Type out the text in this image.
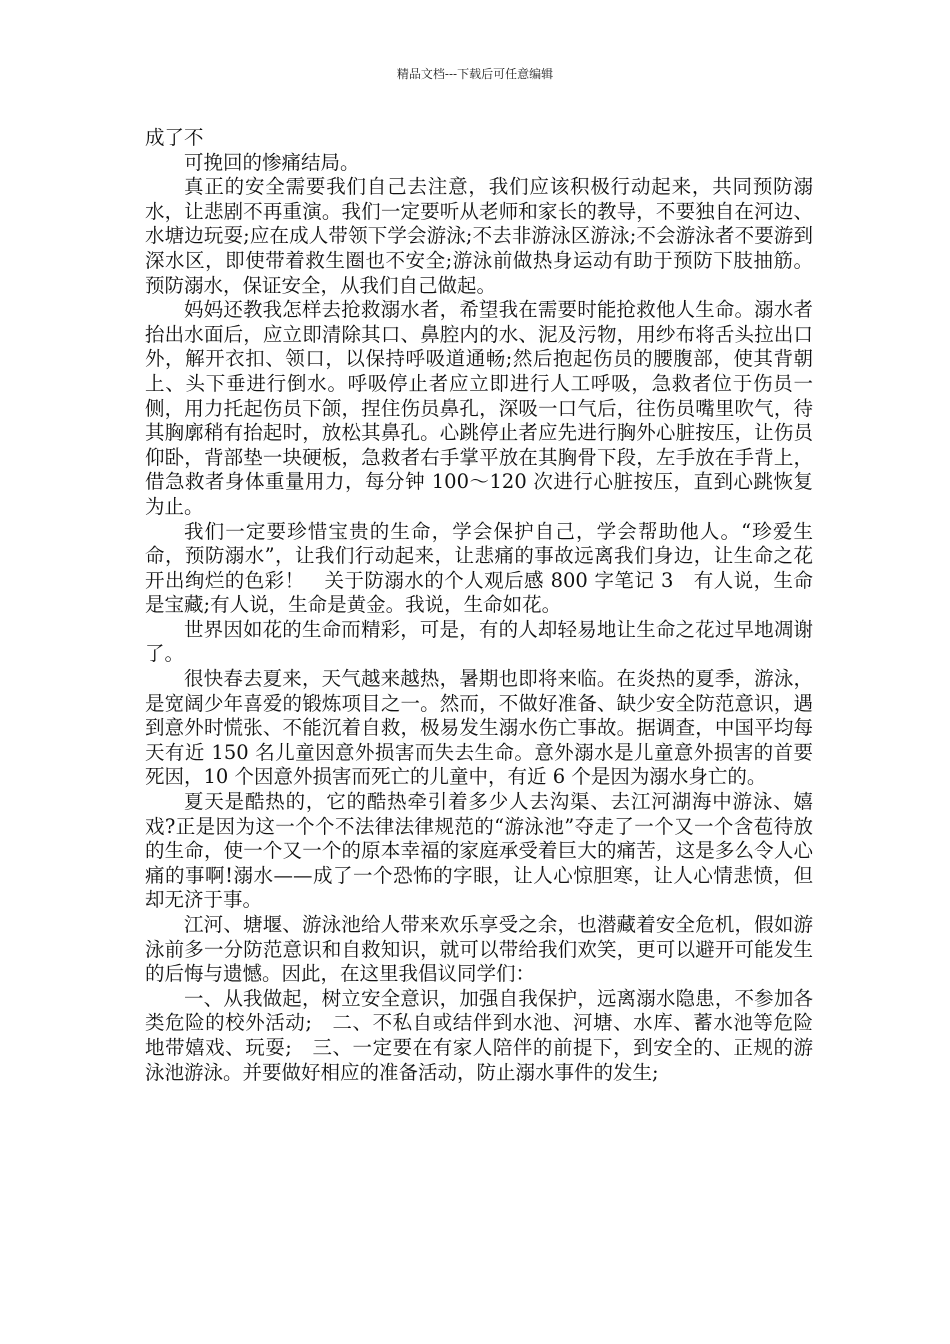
精品文档---下载后可任意编辑

成了不

可挽回的惨痛结局。

真正的安全需要我们自己去注意，我们应该积极行动起来，共同预防溺水，让悲剧不再重演。我们一定要听从老师和家长的教导，不要独自在河边、水塘边玩耍;应在成人带领下学会游泳;不去非游泳区游泳;不会游泳者不要游到深水区，即使带着救生圈也不安全;游泳前做热身运动有助于预防下肢抽筋。预防溺水，保证安全，从我们自己做起。

妈妈还教我怎样去抢救溺水者，希望我在需要时能抢救他人生命。溺水者抬出水面后，应立即清除其口、鼻腔内的水、泥及污物，用纱布将舌头拉出口外，解开衣扣、领口，以保持呼吸道通畅;然后抱起伤员的腰腹部，使其背朝上、头下垂进行倒水。呼吸停止者应立即进行人工呼吸，急救者位于伤员一侧，用力托起伤员下颌，捏住伤员鼻孔，深吸一口气后，往伤员嘴里吹气，待其胸廓稍有抬起时，放松其鼻孔。心跳停止者应先进行胸外心脏按压，让伤员仰卧，背部垫一块硬板，急救者右手掌平放在其胸骨下段，左手放在手背上，借急救者身体重量用力，每分钟 100～120 次进行心脏按压，直到心跳恢复为止。

我们一定要珍惜宝贵的生命，学会保护自己，学会帮助他人。“珍爱生命，预防溺水”，让我们行动起来，让悲痛的事故远离我们身边，让生命之花开出绚烂的色彩！　关于防溺水的个人观后感 800 字笔记 3　有人说，生命是宝藏;有人说，生命是黄金。我说，生命如花。

世界因如花的生命而精彩，可是，有的人却轻易地让生命之花过早地凋谢了。

很快春去夏来，天气越来越热，暑期也即将来临。在炎热的夏季，游泳，是宽阔少年喜爱的锻炼项目之一。然而，不做好准备、缺少安全防范意识，遇到意外时慌张、不能沉着自救，极易发生溺水伤亡事故。据调查，中国平均每天有近 150 名儿童因意外损害而失去生命。意外溺水是儿童意外损害的首要死因，10 个因意外损害而死亡的儿童中，有近 6 个是因为溺水身亡的。

夏天是酷热的，它的酷热牵引着多少人去沟渠、去江河湖海中游泳、嬉戏?正是因为这一个个不法律法律规范的“游泳池”夺走了一个又一个含苞待放的生命，使一个又一个的原本幸福的家庭承受着巨大的痛苦，这是多么令人心痛的事啊!溺水——成了一个恐怖的字眼，让人心惊胆寒，让人心情悲愤，但却无济于事。

江河、塘堰、游泳池给人带来欢乐享受之余，也潜藏着安全危机，假如游泳前多一分防范意识和自救知识，就可以带给我们欢笑，更可以避开可能发生的后悔与遗憾。因此，在这里我倡议同学们：

一、从我做起，树立安全意识，加强自我保护，远离溺水隐患，不参加各类危险的校外活动;　二、不私自或结伴到水池、河塘、水库、蓄水池等危险地带嬉戏、玩耍;　三、一定要在有家人陪伴的前提下，到安全的、正规的游泳池游泳。并要做好相应的准备活动，防止溺水事件的发生;
